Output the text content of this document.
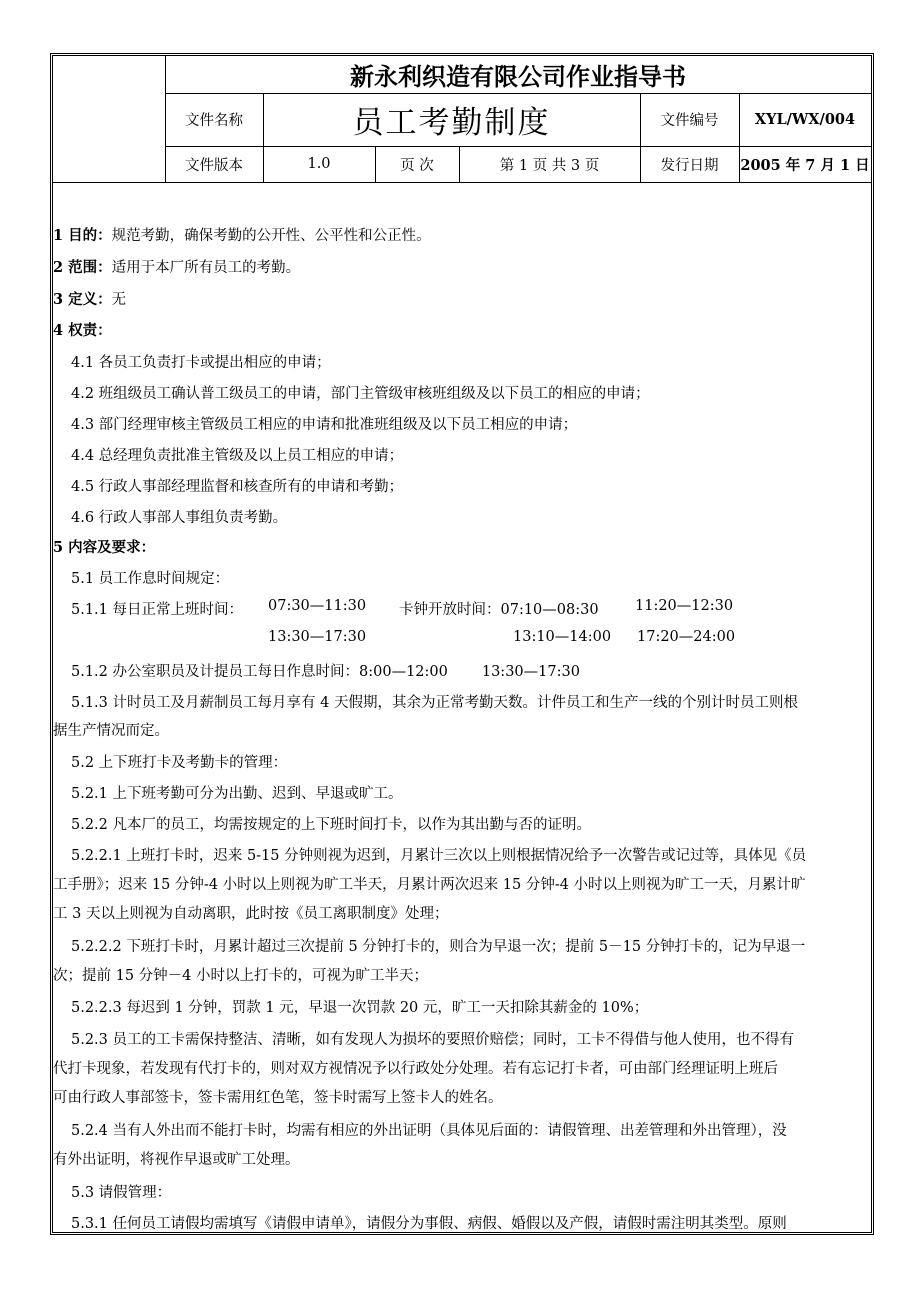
新永利织造有限公司作业指导书
文件名称	员工考勤制度	文件编号	XYL/WX/004
文件版本	1.0	页 次	第 1 页 共 3 页	发行日期	2005 年 7 月 1 日
1 目的：规范考勤，确保考勤的公开性、公平性和公正性。
2 范围：适用于本厂所有员工的考勤。
3 定义：无
4 权责：
4.1 各员工负责打卡或提出相应的申请；
4.2 班组级员工确认普工级员工的申请，部门主管级审核班组级及以下员工的相应的申请；
4.3 部门经理审核主管级员工相应的申请和批准班组级及以下员工相应的申请；
4.4 总经理负责批准主管级及以上员工相应的申请；
4.5 行政人事部经理监督和核查所有的申请和考勤；
4.6 行政人事部人事组负责考勤。
5 内容及要求：
5.1 员工作息时间规定：
5.1.1 每日正常上班时间： 07:30—11:30 卡钟开放时间：07:10—08:30	11:20—12:30
13:30—17:30	13:10—14:00 17:20—24:00
5.1.2 办公室职员及计提员工每日作息时间：8:00—12:00 13:30—17:30
5.1.3 计时员工及月薪制员工每月享有 4 天假期，其余为正常考勤天数。计件员工和生产一线的个别计时员工则根
据生产情况而定。
5.2 上下班打卡及考勤卡的管理：
5.2.1 上下班考勤可分为出勤、迟到、早退或旷工。
5.2.2 凡本厂的员工，均需按规定的上下班时间打卡，以作为其出勤与否的证明。
5.2.2.1 上班打卡时，迟来 5-15 分钟则视为迟到，月累计三次以上则根据情况给予一次警告或记过等，具体见《员
工手册》；迟来 15 分钟-4 小时以上则视为旷工半天，月累计两次迟来 15 分钟-4 小时以上则视为旷工一天，月累计旷
工 3 天以上则视为自动离职，此时按《员工离职制度》处理；
5.2.2.2 下班打卡时，月累计超过三次提前 5 分钟打卡的，则合为早退一次；提前 5－15 分钟打卡的，记为早退一
次；提前 15 分钟－4 小时以上打卡的，可视为旷工半天；
5.2.2.3 每迟到 1 分钟，罚款 1 元，早退一次罚款 20 元，旷工一天扣除其薪金的 10%；
5.2.3 员工的工卡需保持整洁、清晰，如有发现人为损坏的要照价赔偿；同时，工卡不得借与他人使用，也不得有
代打卡现象，若发现有代打卡的，则对双方视情况予以行政处分处理。若有忘记打卡者，可由部门经理证明上班后
可由行政人事部签卡，签卡需用红色笔，签卡时需写上签卡人的姓名。
5.2.4 当有人外出而不能打卡时，均需有相应的外出证明（具体见后面的：请假管理、出差管理和外出管理），没
有外出证明，将视作早退或旷工处理。
5.3 请假管理：
5.3.1 任何员工请假均需填写《请假申请单》，请假分为事假、病假、婚假以及产假，请假时需注明其类型。原则
